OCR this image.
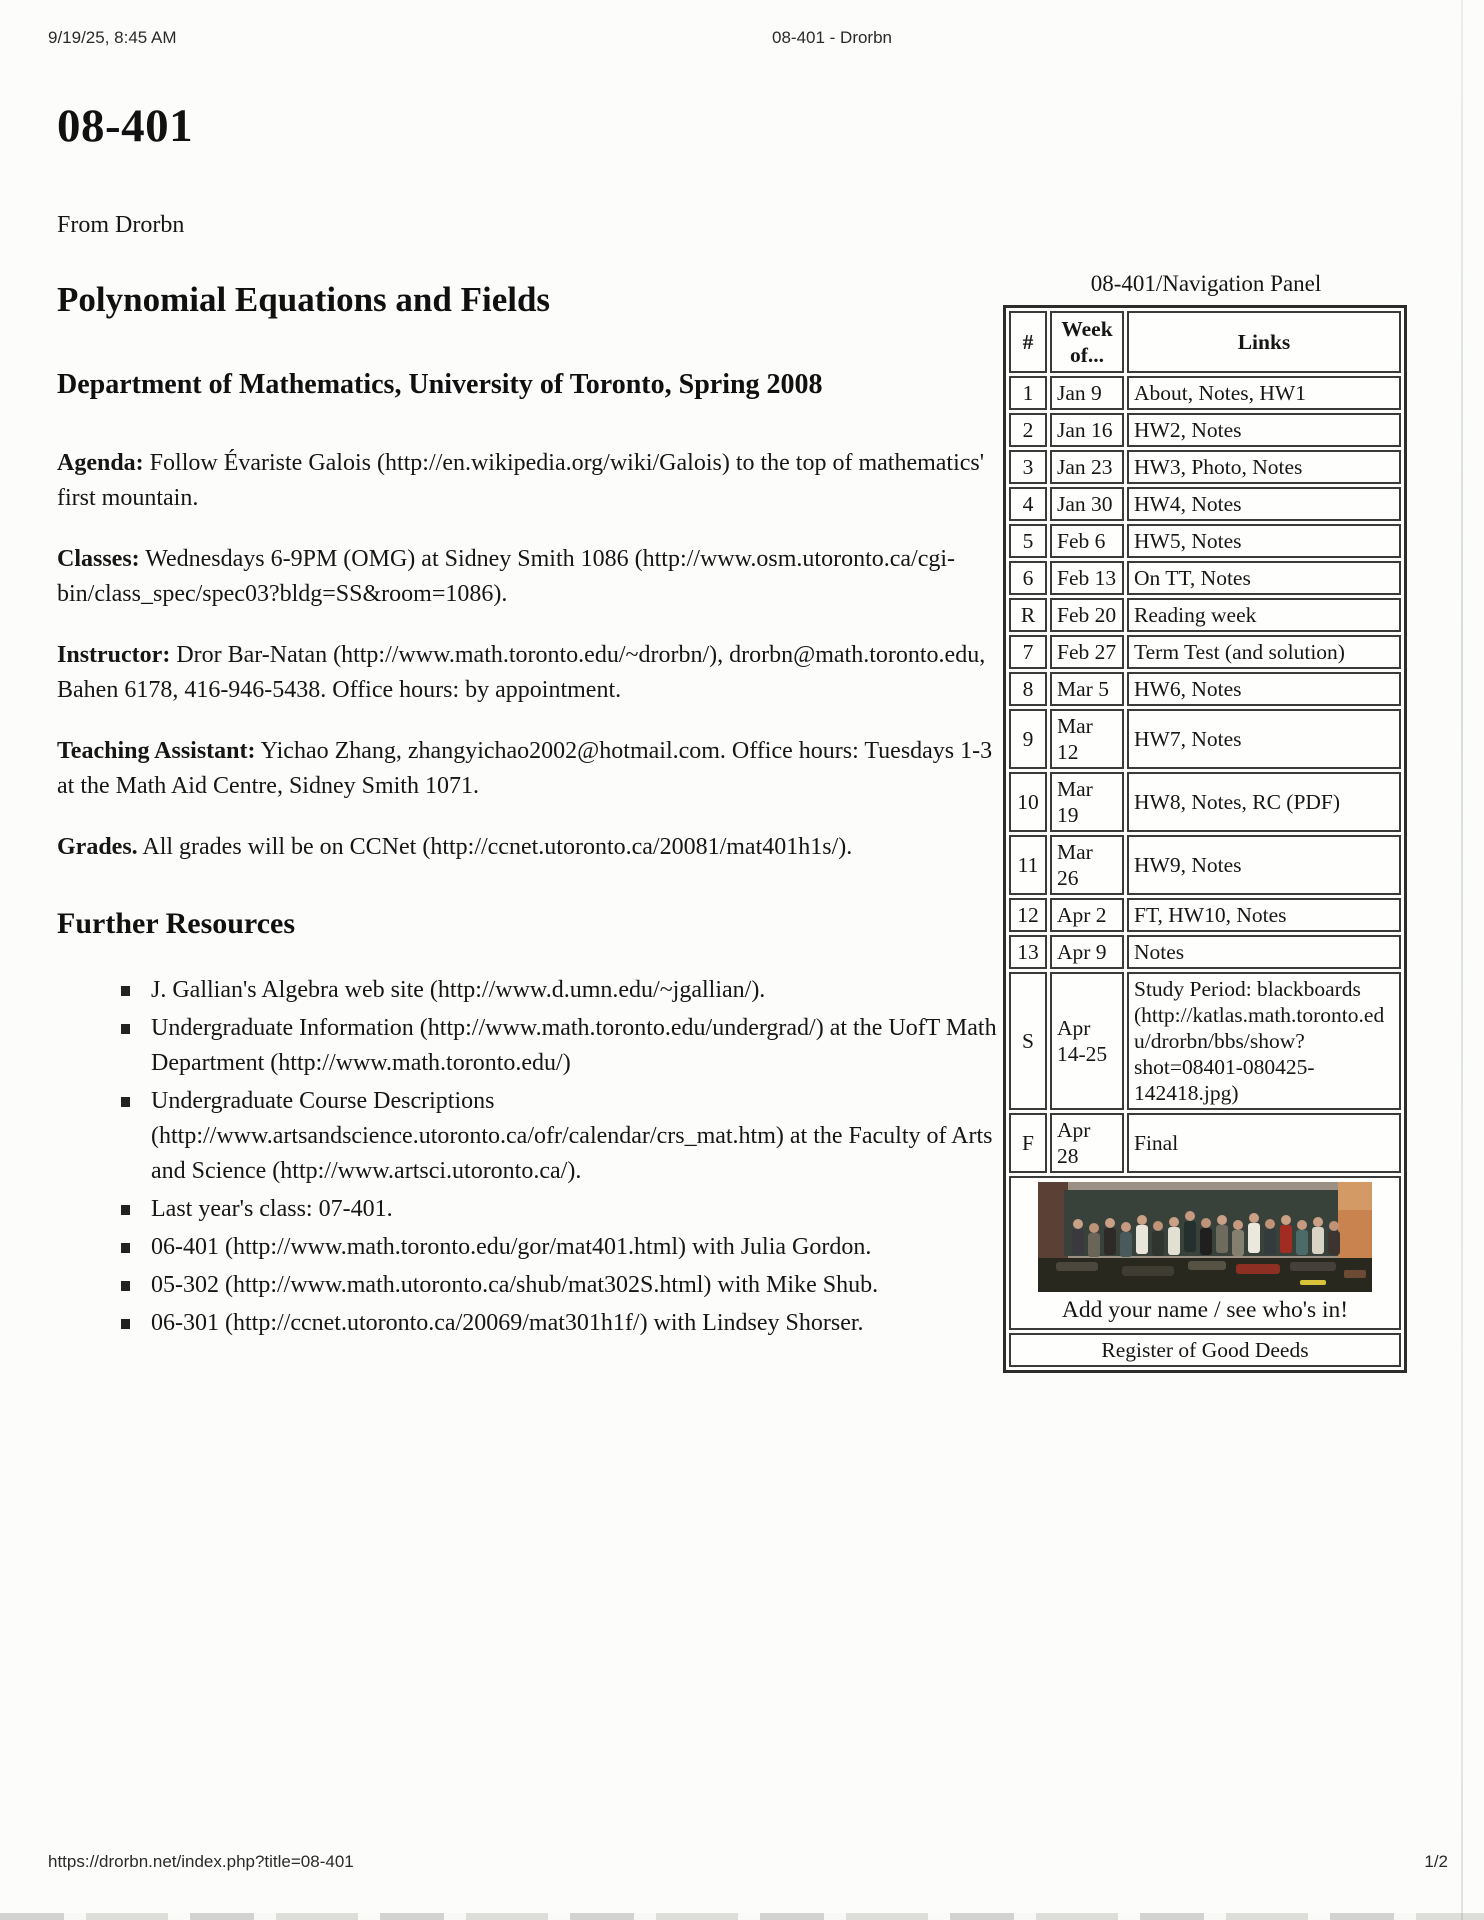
9/19/25, 8:45 AM	08-401 - Drorbn
08-401
From Drorbn
Polynomial Equations and Fields
Department of Mathematics, University of Toronto, Spring 2008

Agenda: Follow Évariste Galois (http://en.wikipedia.org/wiki/Galois) to the top of mathematics' first mountain.

Classes: Wednesdays 6-9PM (OMG) at Sidney Smith 1086 (http://www.osm.utoronto.ca/cgi-bin/class_spec/spec03?bldg=SS&room=1086).

Instructor: Dror Bar-Natan (http://www.math.toronto.edu/~drorbn/), drorbn@math.toronto.edu, Bahen 6178, 416-946-5438. Office hours: by appointment.

Teaching Assistant: Yichao Zhang, zhangyichao2002@hotmail.com. Office hours: Tuesdays 1-3 at the Math Aid Centre, Sidney Smith 1071.

Grades. All grades will be on CCNet (http://ccnet.utoronto.ca/20081/mat401h1s/).

Further Resources
J. Gallian's Algebra web site (http://www.d.umn.edu/~jgallian/).
Undergraduate Information (http://www.math.toronto.edu/undergrad/) at the UofT Math Department (http://www.math.toronto.edu/)
Undergraduate Course Descriptions (http://www.artsandscience.utoronto.ca/ofr/calendar/crs_mat.htm) at the Faculty of Arts and Science (http://www.artsci.utoronto.ca/).
Last year's class: 07-401.
06-401 (http://www.math.toronto.edu/gor/mat401.html) with Julia Gordon.
05-302 (http://www.math.utoronto.ca/shub/mat302S.html) with Mike Shub.
06-301 (http://ccnet.utoronto.ca/20069/mat301h1f/) with Lindsey Shorser.
08-401/Navigation Panel
#	Week of...	Links
1	Jan 9	About, Notes, HW1
2	Jan 16	HW2, Notes
3	Jan 23	HW3, Photo, Notes
4	Jan 30	HW4, Notes
5	Feb 6	HW5, Notes
6	Feb 13	On TT, Notes
R	Feb 20	Reading week
7	Feb 27	Term Test (and solution)
8	Mar 5	HW6, Notes
9	Mar 12	HW7, Notes
10	Mar 19	HW8, Notes, RC (PDF)
11	Mar 26	HW9, Notes
12	Apr 2	FT, HW10, Notes
13	Apr 9	Notes
S	Apr 14-25	Study Period: blackboards (http://katlas.math.toronto.edu/drorbn/bbs/show?shot=08401-080425-142418.jpg)
F	Apr 28	Final

Add your name / see who's in!		

Register of Good Deeds		
https://drorbn.net/index.php?title=08-401	1/2
